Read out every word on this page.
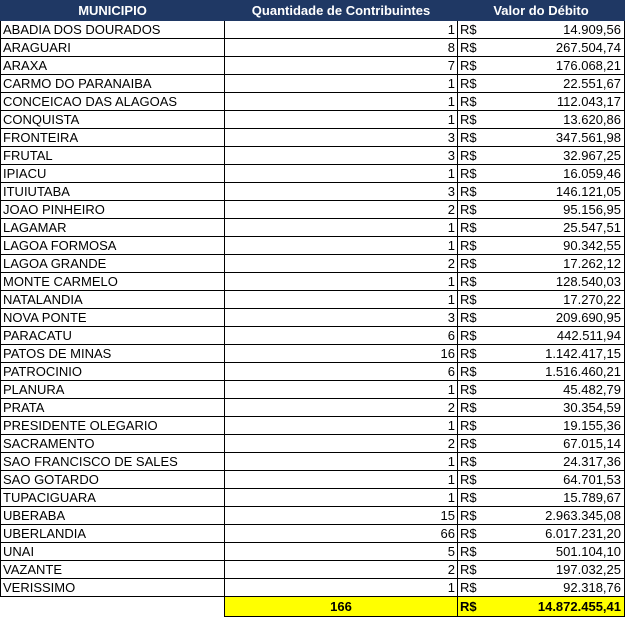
MUNICIPIO	Quantidade de Contribuintes	Valor do Débito	
ABADIA DOS DOURADOS	1	R$	14.909,56
ARAGUARI	8	R$	267.504,74
ARAXA	7	R$	176.068,21
CARMO DO PARANAIBA	1	R$	22.551,67
CONCEICAO DAS ALAGOAS	1	R$	112.043,17
CONQUISTA	1	R$	13.620,86
FRONTEIRA	3	R$	347.561,98
FRUTAL	3	R$	32.967,25
IPIACU	1	R$	16.059,46
ITUIUTABA	3	R$	146.121,05
JOAO PINHEIRO	2	R$	95.156,95
LAGAMAR	1	R$	25.547,51
LAGOA FORMOSA	1	R$	90.342,55
LAGOA GRANDE	2	R$	17.262,12
MONTE CARMELO	1	R$	128.540,03
NATALANDIA	1	R$	17.270,22
NOVA PONTE	3	R$	209.690,95
PARACATU	6	R$	442.511,94
PATOS DE MINAS	16	R$	1.142.417,15
PATROCINIO	6	R$	1.516.460,21
PLANURA	1	R$	45.482,79
PRATA	2	R$	30.354,59
PRESIDENTE OLEGARIO	1	R$	19.155,36
SACRAMENTO	2	R$	67.015,14
SAO FRANCISCO DE SALES	1	R$	24.317,36
SAO GOTARDO	1	R$	64.701,53
TUPACIGUARA	1	R$	15.789,67
UBERABA	15	R$	2.963.345,08
UBERLANDIA	66	R$	6.017.231,20
UNAI	5	R$	501.104,10
VAZANTE	2	R$	197.032,25
VERISSIMO	1	R$	92.318,76
	166	R$	14.872.455,41
